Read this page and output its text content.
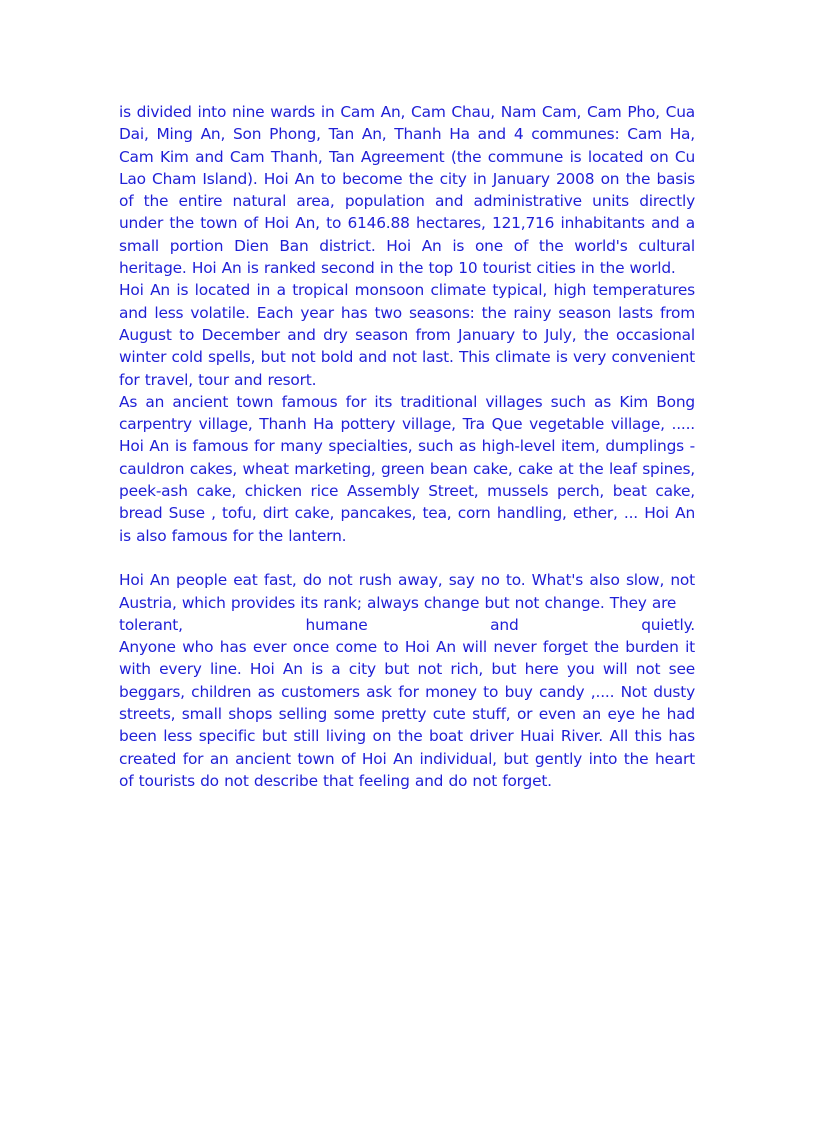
is divided into nine wards in Cam An, Cam Chau, Nam Cam, Cam Pho, Cua Dai, Ming An, Son Phong, Tan An, Thanh Ha and 4 communes: Cam Ha, Cam Kim and Cam Thanh, Tan Agreement (the commune is located on Cu Lao Cham Island). Hoi An to become the city in January 2008 on the basis of the entire natural area, population and administrative units directly under the town of Hoi An, to 6146.88 hectares, 121,716 inhabitants and a small portion Dien Ban district. Hoi An is one of the world's cultural heritage. Hoi An is ranked second in the top 10 tourist cities in the world.

Hoi An is located in a tropical monsoon climate typical, high temperatures and less volatile. Each year has two seasons: the rainy season lasts from August to December and dry season from January to July, the occasional winter cold spells, but not bold and not last. This climate is very convenient for travel, tour and resort.

As an ancient town famous for its traditional villages such as Kim Bong carpentry village, Thanh Ha pottery village, Tra Que vegetable village, ..... Hoi An is famous for many specialties, such as high-level item, dumplings - cauldron cakes, wheat marketing, green bean cake, cake at the leaf spines, peek-ash cake, chicken rice Assembly Street, mussels perch, beat cake, bread Suse , tofu, dirt cake, pancakes, tea, corn handling, ether, ... Hoi An is also famous for the lantern.

Hoi An people eat fast, do not rush away, say no to. What's also slow, not Austria, which provides its rank; always change but not change. They are

tolerant,	humane	and	quietly.

Anyone who has ever once come to Hoi An will never forget the burden it with every line. Hoi An is a city but not rich, but here you will not see beggars, children as customers ask for money to buy candy ,.... Not dusty streets, small shops selling some pretty cute stuff, or even an eye he had been less specific but still living on the boat driver Huai River. All this has created for an ancient town of Hoi An individual, but gently into the heart of tourists do not describe that feeling and do not forget.
